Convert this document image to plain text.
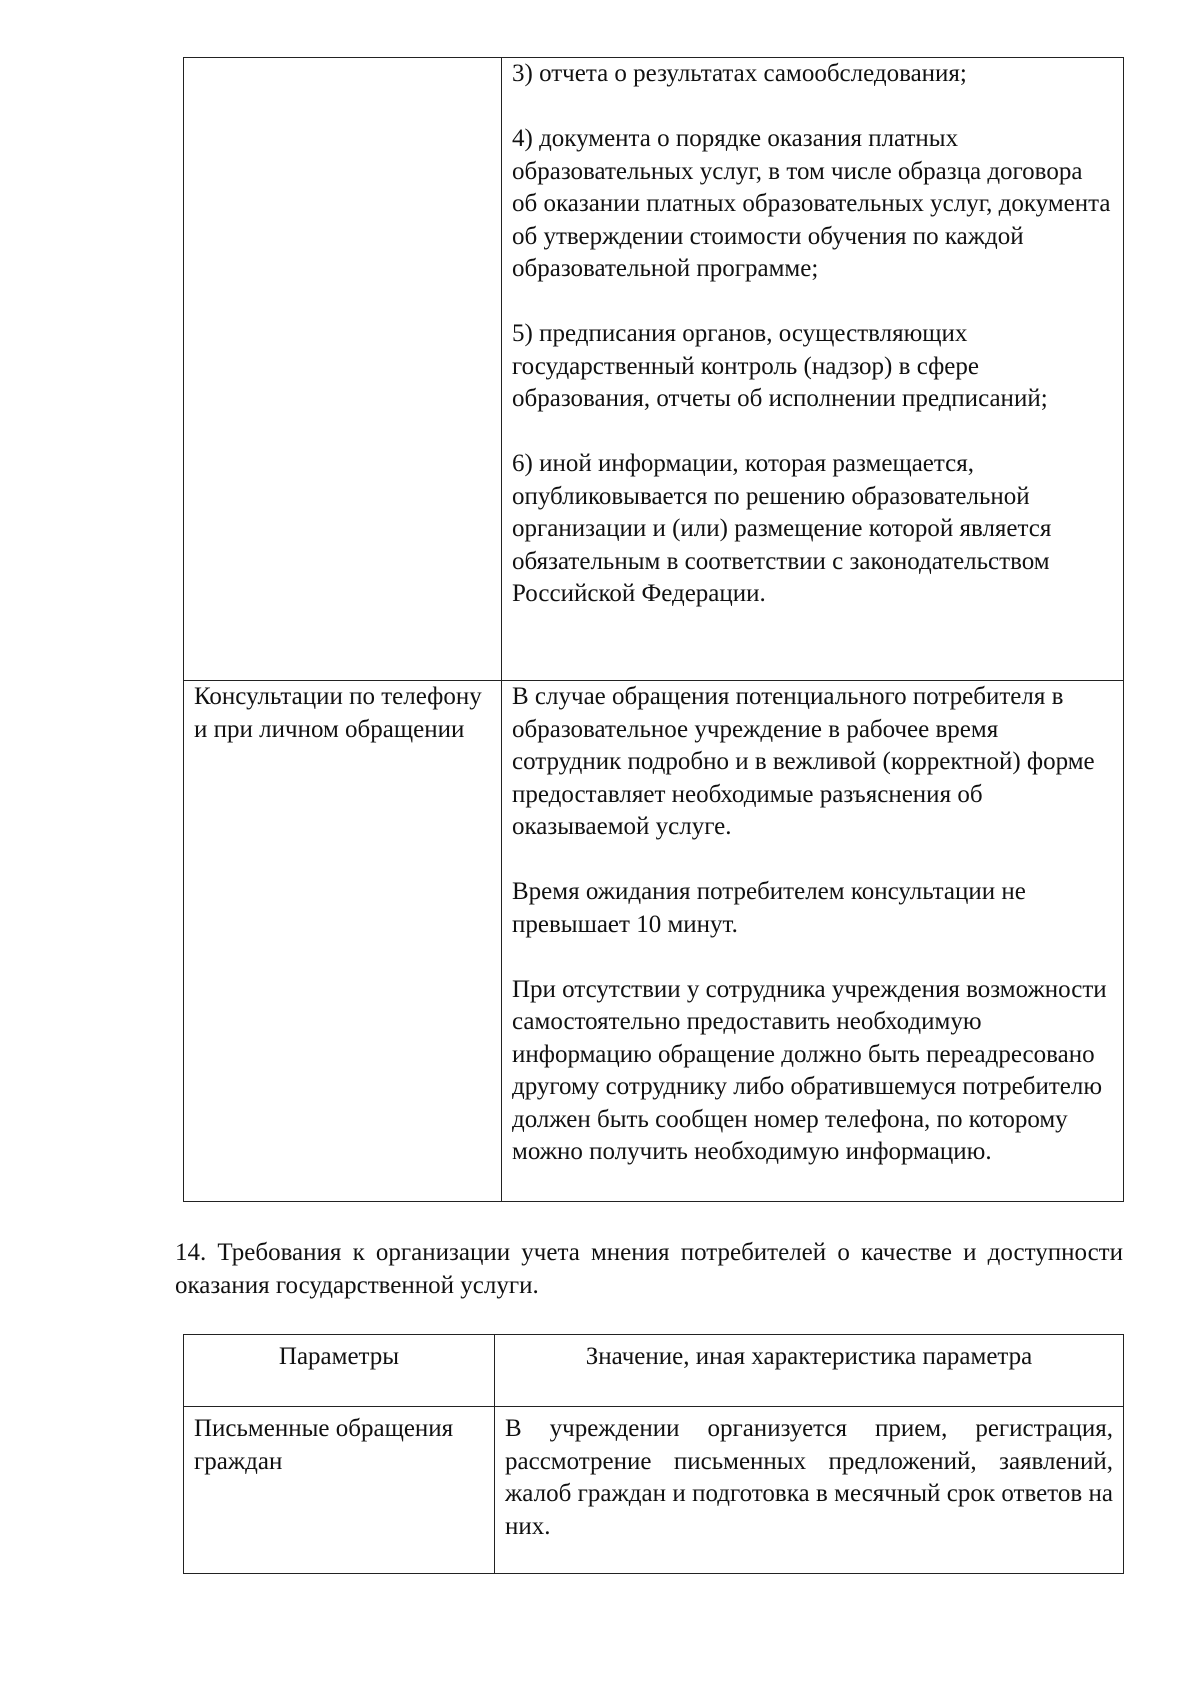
	3) отчета о результатах самообследования;

4) документа о порядке оказания платных образовательных услуг, в том числе образца договора об оказании платных образовательных услуг, документа об утверждении стоимости обучения по каждой образовательной программе;

5) предписания органов, осуществляющих государственный контроль (надзор) в сфере образования, отчеты об исполнении предписаний;

6) иной информации, которая размещается, опубликовывается по решению образовательной организации и (или) размещение которой является обязательным в соответствии с законодательством Российской Федерации.

Консультации по телефону и при личном обращении	В случае обращения потенциального потребителя в образовательное учреждение в рабочее время сотрудник подробно и в вежливой (корректной) форме предоставляет необходимые разъяснения об оказываемой услуге.

Время ожидания потребителем консультации не превышает 10 минут.

При отсутствии у сотрудника учреждения возможности самостоятельно предоставить необходимую информацию обращение должно быть переадресовано другому сотруднику либо обратившемуся потребителю должен быть сообщен номер телефона, по которому можно получить необходимую информацию.

14. Требования к организации учета мнения потребителей о качестве и доступности оказания государственной услуги.

Параметры	Значение, иная характеристика параметра
Письменные обращения граждан	В учреждении организуется прием, регистрация, рассмотрение письменных предложений, заявлений, жалоб граждан и подготовка в месячный срок ответов на них.
